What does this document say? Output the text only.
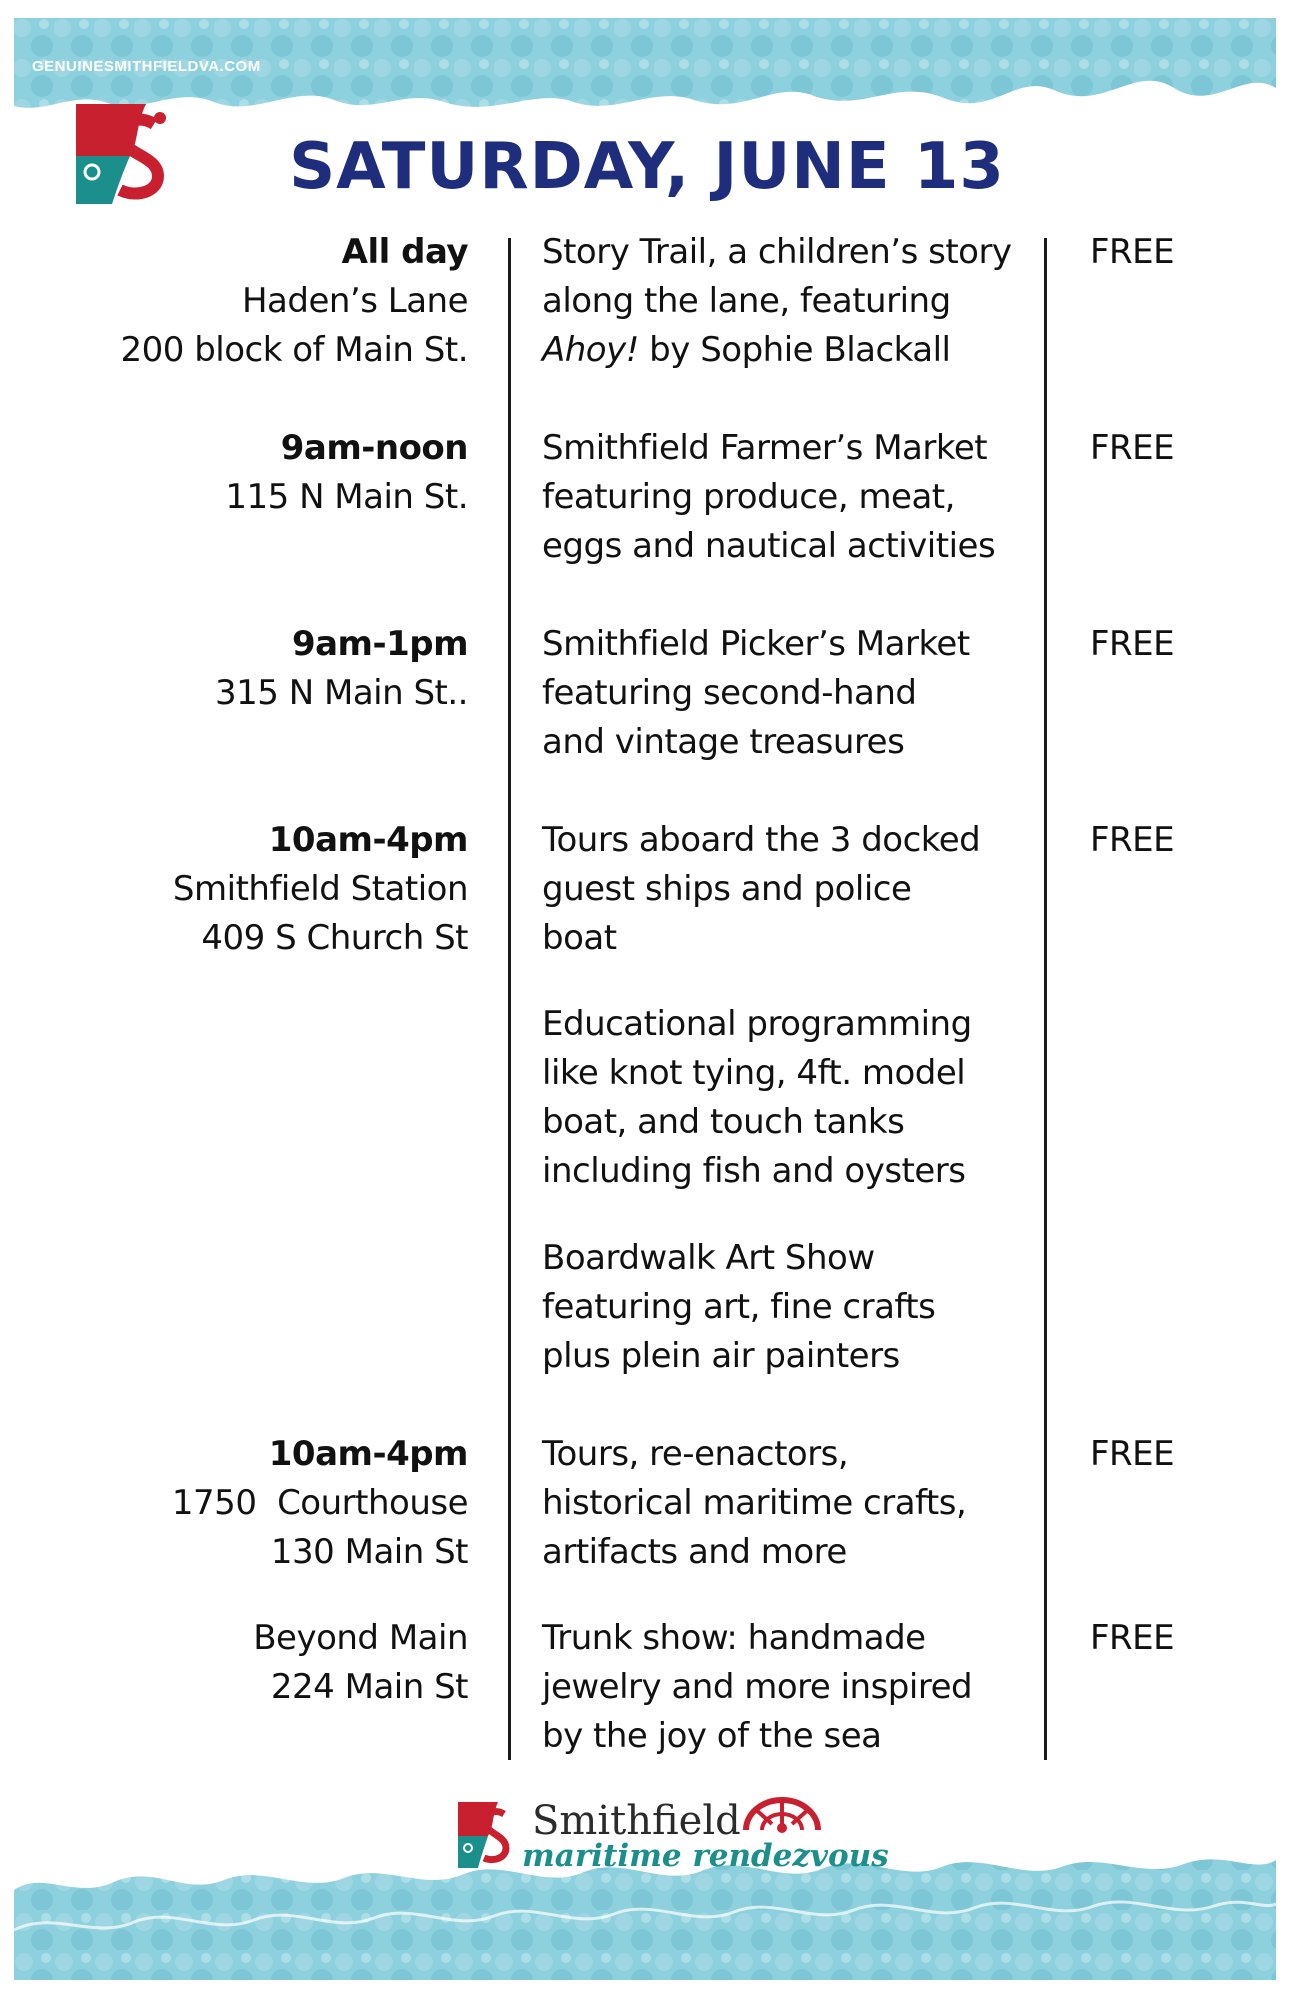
GENUINESMITHFIELDVA.COM
SATURDAY, JUNE 13
All day
Haden’s Lane
200 block of Main St.
Story Trail, a children’s story
along the lane, featuring
Ahoy! by Sophie Blackall
FREE
9am-noon
115 N Main St.
Smithfield Farmer’s Market
featuring produce, meat,
eggs and nautical activities
FREE
9am-1pm
315 N Main St..
Smithfield Picker’s Market
featuring second-hand
and vintage treasures
FREE
10am-4pm
Smithfield Station
409 S Church St
Tours aboard the 3 docked
guest ships and police
boat
FREE
Educational programming
like knot tying, 4ft. model
boat, and touch tanks
including fish and oysters
Boardwalk Art Show
featuring art, fine crafts
plus plein air painters
10am-4pm
1750  Courthouse
130 Main St
Tours, re-enactors,
historical maritime crafts,
artifacts and more
FREE
Beyond Main
224 Main St
Trunk show: handmade
jewelry and more inspired
by the joy of the sea
FREE
Smithfield
maritime rendezvous
